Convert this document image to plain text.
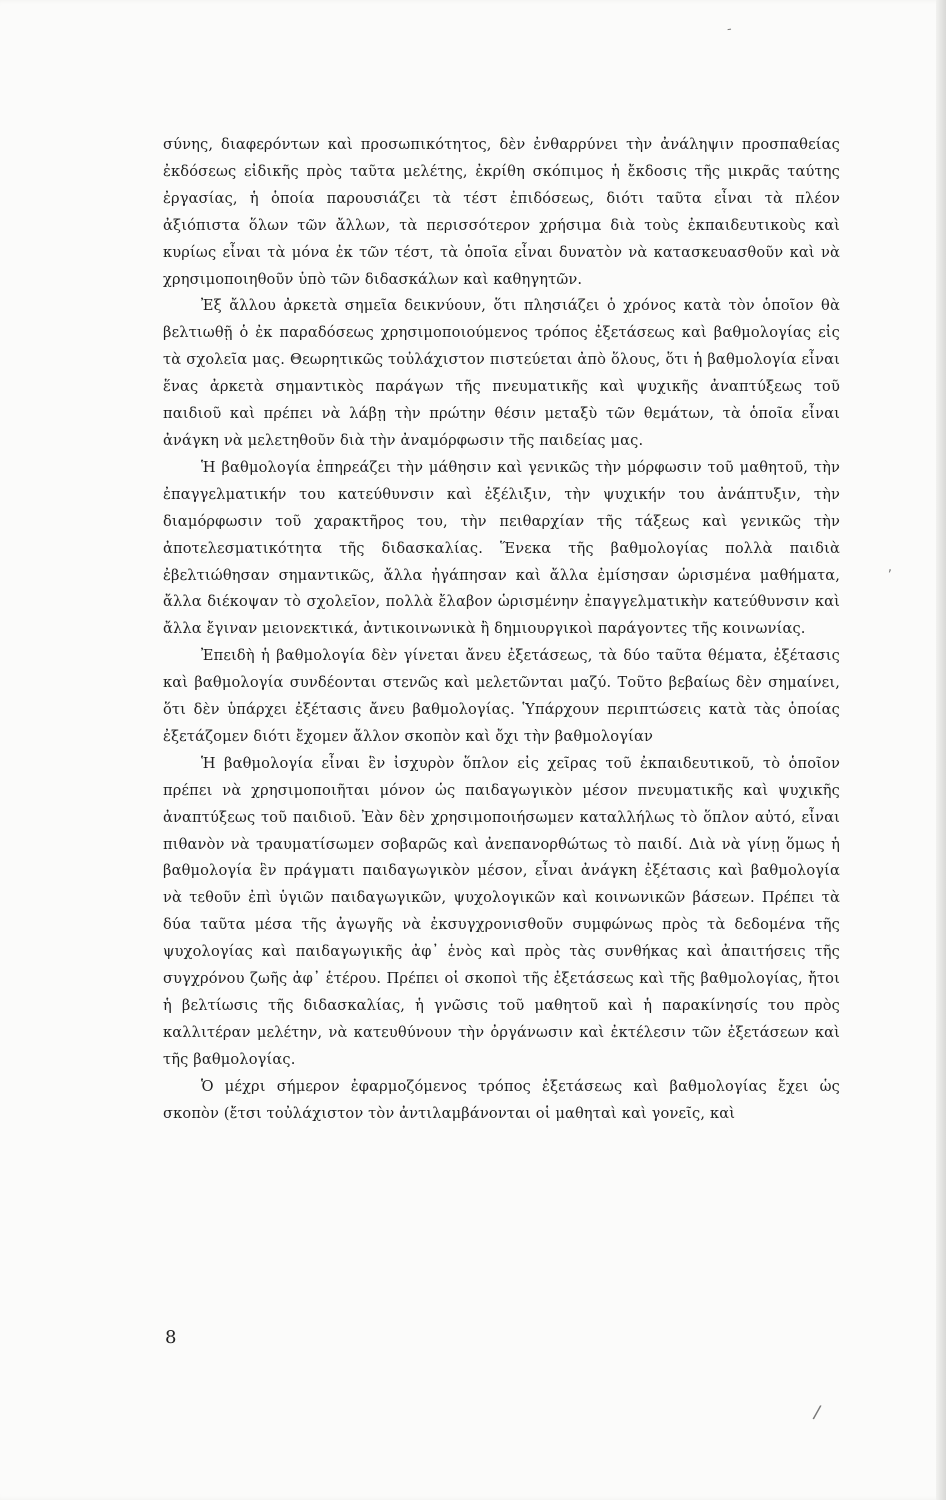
-

σύνης, διαφερόντων καὶ προσωπικότητος, δὲν ἐνθαρρύνει τὴν ἀνάληψιν προσπαθείας ἐκδόσεως εἰδικῆς πρὸς ταῦτα μελέτης, ἐκρίθη σκόπιμος ἡ ἔκδοσις τῆς μικρᾶς ταύτης ἐργασίας, ἡ ὁποία παρουσιάζει τὰ τέστ ἐπιδόσεως, διότι ταῦτα εἶναι τὰ πλέον ἀξιόπιστα ὅλων τῶν ἄλλων, τὰ περισσότερον χρήσιμα διὰ τοὺς ἐκπαιδευτικοὺς καὶ κυρίως εἶναι τὰ μόνα ἐκ τῶν τέστ, τὰ ὁποῖα εἶναι δυνατὸν νὰ κατασκευασθοῦν καὶ νὰ χρησιμοποιηθοῦν ὑπὸ τῶν διδασκάλων καὶ καθηγητῶν.

Ἐξ ἄλλου ἀρκετὰ σημεῖα δεικνύουν, ὅτι πλησιάζει ὁ χρόνος κατὰ τὸν ὁποῖον θὰ βελτιωθῇ ὁ ἐκ παραδόσεως χρησιμοποιούμενος τρόπος ἐξετάσεως καὶ βαθμολογίας εἰς τὰ σχολεῖα μας. Θεωρητικῶς τοὐλάχιστον πιστεύεται ἀπὸ ὅλους, ὅτι ἡ βαθμολογία εἶναι ἕνας ἀρκετὰ σημαντικὸς παράγων τῆς πνευματικῆς καὶ ψυχικῆς ἀναπτύξεως τοῦ παιδιοῦ καὶ πρέπει νὰ λάβῃ τὴν πρώτην θέσιν μεταξὺ τῶν θεμάτων, τὰ ὁποῖα εἶναι ἀνάγκη νὰ μελετηθοῦν διὰ τὴν ἀναμόρφωσιν τῆς παιδείας μας.

Ἡ βαθμολογία ἐπηρεάζει τὴν μάθησιν καὶ γενικῶς τὴν μόρφωσιν τοῦ μαθητοῦ, τὴν ἐπαγγελματικήν του κατεύθυνσιν καὶ ἐξέλιξιν, τὴν ψυχικήν του ἀνάπτυξιν, τὴν διαμόρφωσιν τοῦ χαρακτῆρος του, τὴν πειθαρχίαν τῆς τάξεως καὶ γενικῶς τὴν ἀποτελεσματικότητα τῆς διδασκαλίας. Ἕνεκα τῆς βαθμολογίας πολλὰ παιδιὰ ἐβελτιώθησαν σημαντικῶς, ἄλλα ἠγάπησαν καὶ ἄλλα ἐμίσησαν ὡρισμένα μαθήματα, ἄλλα διέκοψαν τὸ σχολεῖον, πολλὰ ἔλαβον ὡρισμένην ἐπαγγελματικὴν κατεύθυνσιν καὶ ἄλλα ἔγιναν μειονεκτικά, ἀντικοινωνικὰ ἢ δημιουργικοὶ παράγοντες τῆς κοινωνίας.

Ἐπειδὴ ἡ βαθμολογία δὲν γίνεται ἄνευ ἐξετάσεως, τὰ δύο ταῦτα θέματα, ἐξέτασις καὶ βαθμολογία συνδέονται στενῶς καὶ μελετῶνται μαζύ. Τοῦτο βεβαίως δὲν σημαίνει, ὅτι δὲν ὑπάρχει ἐξέτασις ἄνευ βαθμολογίας. Ὑπάρχουν περιπτώσεις κατὰ τὰς ὁποίας ἐξετάζομεν διότι ἔχομεν ἄλλον σκοπὸν καὶ ὄχι τὴν βαθμολογίαν

Ἡ βαθμολογία εἶναι ἓν ἰσχυρὸν ὅπλον εἰς χεῖρας τοῦ ἐκπαιδευτικοῦ, τὸ ὁποῖον πρέπει νὰ χρησιμοποιῆται μόνον ὡς παιδαγωγικὸν μέσον πνευματικῆς καὶ ψυχικῆς ἀναπτύξεως τοῦ παιδιοῦ. Ἐὰν δὲν χρησιμοποιήσωμεν καταλλήλως τὸ ὅπλον αὐτό, εἶναι πιθανὸν νὰ τραυματίσωμεν σοβαρῶς καὶ ἀνεπανορθώτως τὸ παιδί. Διὰ νὰ γίνῃ ὅμως ἡ βαθμολογία ἓν πράγματι παιδαγωγικὸν μέσον, εἶναι ἀνάγκη ἐξέτασις καὶ βαθμολογία νὰ τεθοῦν ἐπὶ ὑγιῶν παιδαγωγικῶν, ψυχολογικῶν καὶ κοινωνικῶν βάσεων. Πρέπει τὰ δύα ταῦτα μέσα τῆς ἀγωγῆς νὰ ἐκσυγχρονισθοῦν συμφώνως πρὸς τὰ δεδομένα τῆς ψυχολογίας καὶ παιδαγωγικῆς ἀφ᾿ ἑνὸς καὶ πρὸς τὰς συνθήκας καὶ ἀπαιτήσεις τῆς συγχρόνου ζωῆς ἀφ᾿ ἑτέρου. Πρέπει οἱ σκοποὶ τῆς ἐξετάσεως καὶ τῆς βαθμολογίας, ἤτοι ἡ βελτίωσις τῆς διδασκαλίας, ἡ γνῶσις τοῦ μαθητοῦ καὶ ἡ παρακίνησίς του πρὸς καλλιτέραν μελέτην, νὰ κατευθύνουν τὴν ὀργάνωσιν καὶ ἐκτέλεσιν τῶν ἐξετάσεων καὶ τῆς βαθμολογίας.

Ὁ μέχρι σήμερον ἐφαρμοζόμενος τρόπος ἐξετάσεως καὶ βαθμολογίας ἔχει ὡς σκοπὸν (ἔτσι τοὐλάχιστον τὸν ἀντιλαμβάνονται οἱ μαθηταὶ καὶ γονεῖς, καὶ

,
8
/
